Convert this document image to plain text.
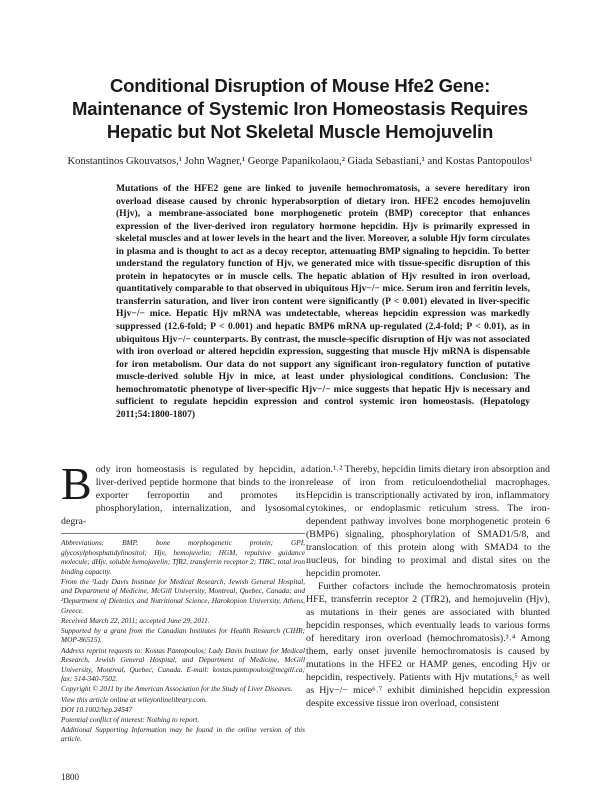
Conditional Disruption of Mouse Hfe2 Gene:
Maintenance of Systemic Iron Homeostasis Requires
Hepatic but Not Skeletal Muscle Hemojuvelin
Konstantinos Gkouvatsos,¹ John Wagner,¹ George Papanikolaou,² Giada Sebastiani,¹ and Kostas Pantopoulos¹

Mutations of the HFE2 gene are linked to juvenile hemochromatosis, a severe hereditary iron overload disease caused by chronic hyperabsorption of dietary iron. HFE2 encodes hemojuvelin (Hjv), a membrane-associated bone morphogenetic protein (BMP) coreceptor that enhances expression of the liver-derived iron regulatory hormone hepcidin. Hjv is primarily expressed in skeletal muscles and at lower levels in the heart and the liver. Moreover, a soluble Hjv form circulates in plasma and is thought to act as a decoy receptor, attenuating BMP signaling to hepcidin. To better understand the regulatory function of Hjv, we generated mice with tissue-specific disruption of this protein in hepatocytes or in muscle cells. The hepatic ablation of Hjv resulted in iron overload, quantitatively comparable to that observed in ubiquitous Hjv−/− mice. Serum iron and ferritin levels, transferrin saturation, and liver iron content were significantly (P < 0.001) elevated in liver-specific Hjv−/− mice. Hepatic Hjv mRNA was undetectable, whereas hepcidin expression was markedly suppressed (12.6-fold; P < 0.001) and hepatic BMP6 mRNA up-regulated (2.4-fold; P < 0.01), as in ubiquitous Hjv−/− counterparts. By contrast, the muscle-specific disruption of Hjv was not associated with iron overload or altered hepcidin expression, suggesting that muscle Hjv mRNA is dispensable for iron metabolism. Our data do not support any significant iron-regulatory function of putative muscle-derived soluble Hjv in mice, at least under physiological conditions. Conclusion: The hemochromatotic phenotype of liver-specific Hjv−/− mice suggests that hepatic Hjv is necessary and sufficient to regulate hepcidin expression and control systemic iron homeostasis. (Hepatology 2011;54:1800-1807)

Body iron homeostasis is regulated by hepcidin, a liver-derived peptide hormone that binds to the iron exporter ferroportin and promotes its phosphorylation, internalization, and lysosomal degra-

Abbreviations: BMP, bone morphogenetic protein; GPI, glycosylphosphatidylinositol; Hjv, hemojuvelin; HGM, repulsive guidance molecule; dHjv, soluble hemojuvelin; TfR2, transferrin receptor 2; TIBC, total iron binding capacity.

From the ¹Lady Davis Institute for Medical Research, Jewish General Hospital, and Department of Medicine, McGill University, Montreal, Quebec, Canada; and ²Department of Dietetics and Nutritional Science, Harokopion University, Athens, Greece.

Received March 22, 2011; accepted June 29, 2011.

Supported by a grant from the Canadian Institutes for Health Research (CIHR; MOP-86515).

Address reprint requests to: Kostas Pantopoulos; Lady Davis Institute for Medical Research, Jewish General Hospital, and Department of Medicine, McGill University, Montreal, Quebec, Canada. E-mail: kostas.pantopoulos@mcgill.ca; fax: 514-340-7502.

Copyright © 2011 by the American Association for the Study of Liver Diseases.

View this article online at wileyonlinelibrary.com.

DOI 10.1002/hep.24547

Potential conflict of interest: Nothing to report.

Additional Supporting Information may be found in the online version of this article.

dation.¹˒² Thereby, hepcidin limits dietary iron absorption and release of iron from reticuloendothelial macrophages. Hepcidin is transcriptionally activated by iron, inflammatory cytokines, or endoplasmic reticulum stress. The iron-dependent pathway involves bone morphogenetic protein 6 (BMP6) signaling, phosphorylation of SMAD1/5/8, and translocation of this protein along with SMAD4 to the nucleus, for binding to proximal and distal sites on the hepcidin promoter.

Further cofactors include the hemochromatosis protein HFE, transferrin receptor 2 (TfR2), and hemojuvelin (Hjv), as mutations in their genes are associated with blunted hepcidin responses, which eventually leads to various forms of hereditary iron overload (hemochromatosis).³˒⁴ Among them, early onset juvenile hemochromatosis is caused by mutations in the HFE2 or HAMP genes, encoding Hjv or hepcidin, respectively. Patients with Hjv mutations,⁵ as well as Hjv−/− mice⁶˒⁷ exhibit diminished hepcidin expression despite excessive tissue iron overload, consistent

1800
